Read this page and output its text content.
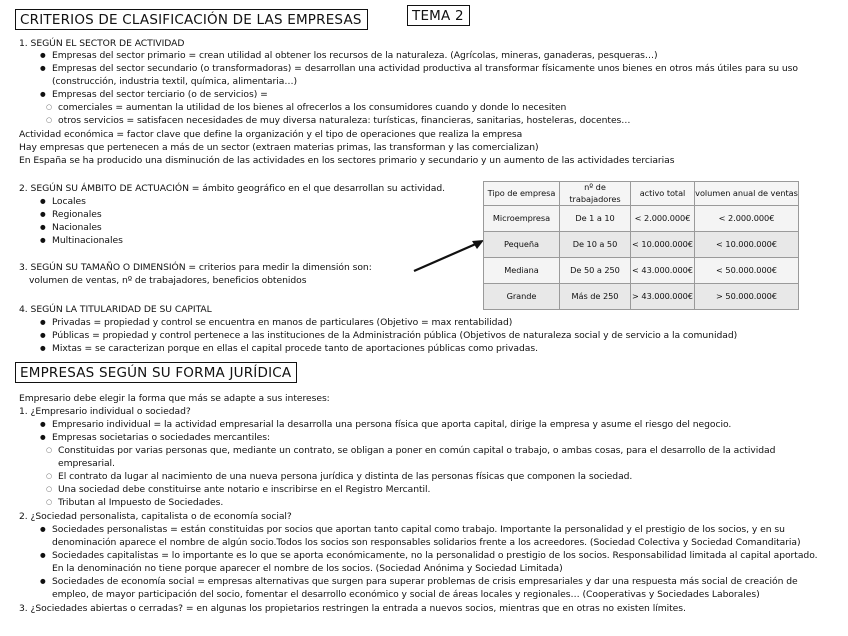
CRITERIOS DE CLASIFICACIÓN DE LAS EMPRESAS	TEMA 2
1. SEGÚN EL SECTOR DE ACTIVIDAD
● Empresas del sector primario = crean utilidad al obtener los recursos de la naturaleza. (Agrícolas, mineras, ganaderas, pesqueras…)
● Empresas del sector secundario (o transformadoras) = desarrollan una actividad productiva al transformar físicamente unos bienes en otros más útiles para su uso
(construcción, industria textil, química, alimentaria…)
● Empresas del sector terciario (o de servicios) =
○ comerciales = aumentan la utilidad de los bienes al ofrecerlos a los consumidores cuando y donde lo necesiten
○ otros servicios = satisfacen necesidades de muy diversa naturaleza: turísticas, financieras, sanitarias, hosteleras, docentes…
Actividad económica = factor clave que define la organización y el tipo de operaciones que realiza la empresa
Hay empresas que pertenecen a más de un sector (extraen materias primas, las transforman y las comercializan)
En España se ha producido una disminución de las actividades en los sectores primario y secundario y un aumento de las actividades terciarias
2. SEGÚN SU ÁMBITO DE ACTUACIÓN = ámbito geográfico en el que desarrollan su actividad.
● Locales
● Regionales
● Nacionales
● Multinacionales
3. SEGÚN SU TAMAÑO O DIMENSIÓN = criterios para medir la dimensión son:
volumen de ventas, nº de trabajadores, beneficios obtenidos
Tipo de empresa	nº de trabajadores	activo total	volumen anual de ventas
Microempresa	De 1 a 10	< 2.000.000€	< 2.000.000€
Pequeña	De 10 a 50	< 10.000.000€	< 10.000.000€
Mediana	De 50 a 250	< 43.000.000€	< 50.000.000€
Grande	Más de 250	> 43.000.000€	> 50.000.000€
4. SEGÚN LA TITULARIDAD DE SU CAPITAL
● Privadas = propiedad y control se encuentra en manos de particulares (Objetivo = max rentabilidad)
● Públicas = propiedad y control pertenece a las instituciones de la Administración pública (Objetivos de naturaleza social y de servicio a la comunidad)
● Mixtas = se caracterizan porque en ellas el capital procede tanto de aportaciones públicas como privadas.
EMPRESAS SEGÚN SU FORMA JURÍDICA
Empresario debe elegir la forma que más se adapte a sus intereses:
1. ¿Empresario individual o sociedad?
● Empresario individual = la actividad empresarial la desarrolla una persona física que aporta capital, dirige la empresa y asume el riesgo del negocio.
● Empresas societarias o sociedades mercantiles:
○ Constituidas por varias personas que, mediante un contrato, se obligan a poner en común capital o trabajo, o ambas cosas, para el desarrollo de la actividad
empresarial.
○ El contrato da lugar al nacimiento de una nueva persona jurídica y distinta de las personas físicas que componen la sociedad.
○ Una sociedad debe constituirse ante notario e inscribirse en el Registro Mercantil.
○ Tributan al Impuesto de Sociedades.
2. ¿Sociedad personalista, capitalista o de economía social?
● Sociedades personalistas = están constituidas por socios que aportan tanto capital como trabajo. Importante la personalidad y el prestigio de los socios, y en su
denominación aparece el nombre de algún socio.Todos los socios son responsables solidarios frente a los acreedores. (Sociedad Colectiva y Sociedad Comanditaria)
● Sociedades capitalistas = lo importante es lo que se aporta económicamente, no la personalidad o prestigio de los socios. Responsabilidad limitada al capital aportado.
En la denominación no tiene porque aparecer el nombre de los socios. (Sociedad Anónima y Sociedad Limitada)
● Sociedades de economía social = empresas alternativas que surgen para superar problemas de crisis empresariales y dar una respuesta más social de creación de
empleo, de mayor participación del socio, fomentar el desarrollo económico y social de áreas locales y regionales… (Cooperativas y Sociedades Laborales)
3. ¿Sociedades abiertas o cerradas? = en algunas los propietarios restringen la entrada a nuevos socios, mientras que en otras no existen límites.
